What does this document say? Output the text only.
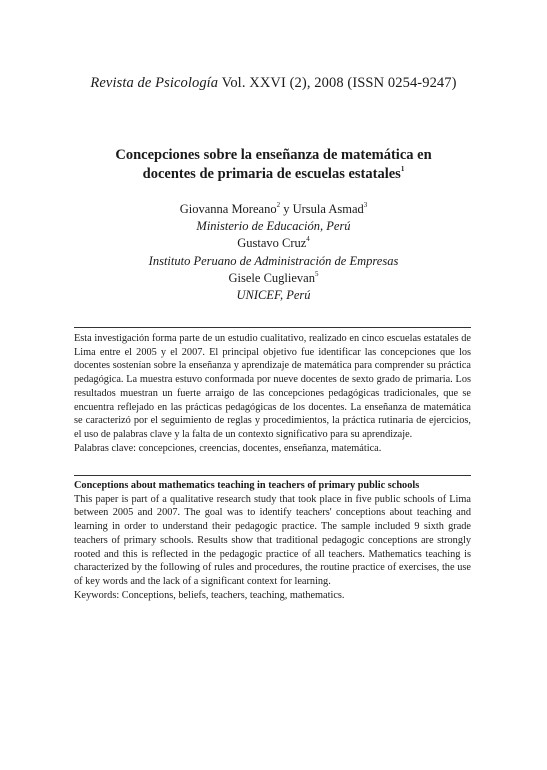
Revista de Psicología Vol. XXVI (2), 2008 (ISSN 0254-9247)
Concepciones sobre la enseñanza de matemática en
docentes de primaria de escuelas estatales$^1$
Giovanna Moreano$^2$ y Ursula Asmad$^3$
Ministerio de Educación, Perú
Gustavo Cruz$^4$
Instituto Peruano de Administración de Empresas
Gisele Cuglievan$^5$
UNICEF, Perú

Esta investigación forma parte de un estudio cualitativo, realizado en cinco escuelas estatales de Lima entre el 2005 y el 2007. El principal objetivo fue identificar las concepciones que los docentes sostenían sobre la enseñanza y aprendizaje de matemática para comprender su práctica pedagógica. La muestra estuvo conformada por nueve docentes de sexto grado de primaria. Los resultados muestran un fuerte arraigo de las concepciones pedagógicas tradicionales, que se encuentra reflejado en las prácticas pedagógicas de los docentes. La enseñanza de matemática se caracterizó por el seguimiento de reglas y procedimientos, la práctica rutinaria de ejercicios, el uso de palabras clave y la falta de un contexto significativo para su aprendizaje.

Palabras clave: concepciones, creencias, docentes, enseñanza, matemática.

Conceptions about mathematics teaching in teachers of primary public schools

This paper is part of a qualitative research study that took place in five public schools of Lima between 2005 and 2007. The goal was to identify teachers' conceptions about teaching and learning in order to understand their pedagogic practice. The sample included 9 sixth grade teachers of primary schools. Results show that traditional pedagogic conceptions are strongly rooted and this is reflected in the pedagogic practice of all teachers. Mathematics teaching is characterized by the following of rules and procedures, the routine practice of exercises, the use of key words and the lack of a significant context for learning.

Keywords: Conceptions, beliefs, teachers, teaching, mathematics.
